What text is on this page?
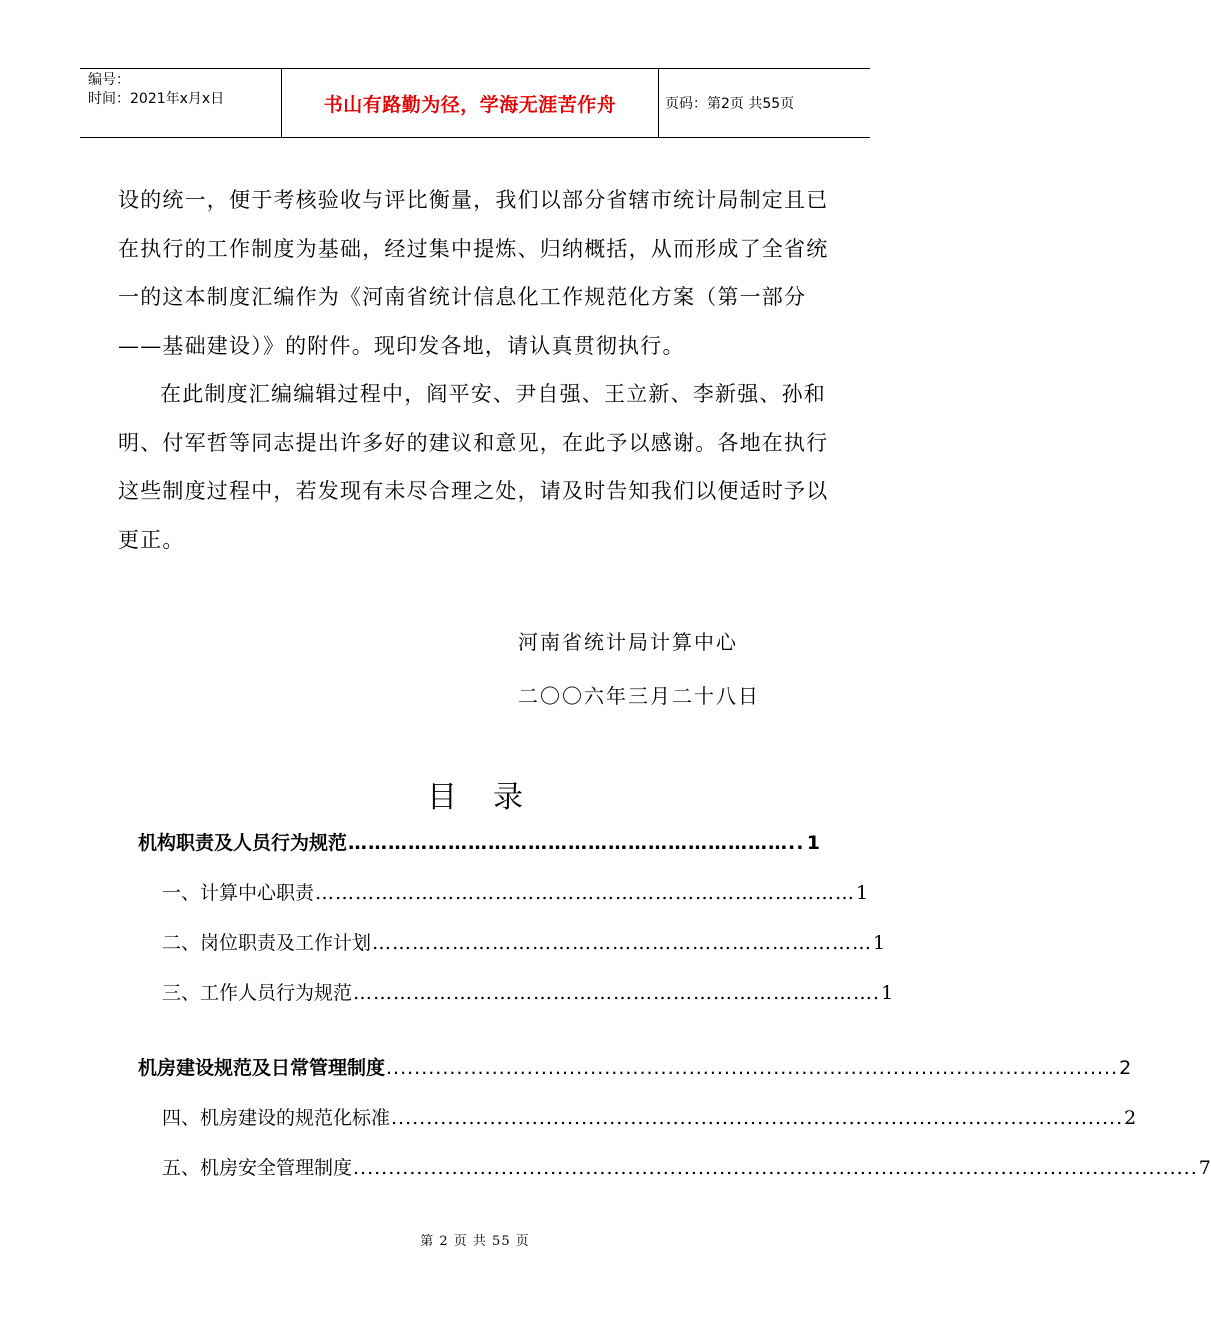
编号：
时间：2021年x月x日	书山有路勤为径，学海无涯苦作舟	页码：第2页 共55页

设的统一，便于考核验收与评比衡量，我们以部分省辖市统计局制定且已在执行的工作制度为基础，经过集中提炼、归纳概括，从而形成了全省统一的这本制度汇编作为《河南省统计信息化工作规范化方案（第一部分——基础建设）》的附件。现印发各地，请认真贯彻执行。

在此制度汇编编辑过程中，阎平安、尹自强、王立新、李新强、孙和明、付军哲等同志提出许多好的建议和意见，在此予以感谢。各地在执行这些制度过程中，若发现有未尽合理之处，请及时告知我们以便适时予以更正。

河南省统计局计算中心
二〇〇六年三月二十八日
目录
机构职责及人员行为规范 ………………………………………………………….. 1
一、计算中心职责 ……………………………………………………………………… 1
二、岗位职责及工作计划 ………………………………………………………………… 1
三、工作人员行为规范 ……………………………………………………………………. 1
机房建设规范及日常管理制度 ........................................................................................................ 2
四、机房建设的规范化标准 ........................................................................................................ 2
五、机房安全管理制度 ........................................................................................................................ 7
第 2 页 共 55 页
